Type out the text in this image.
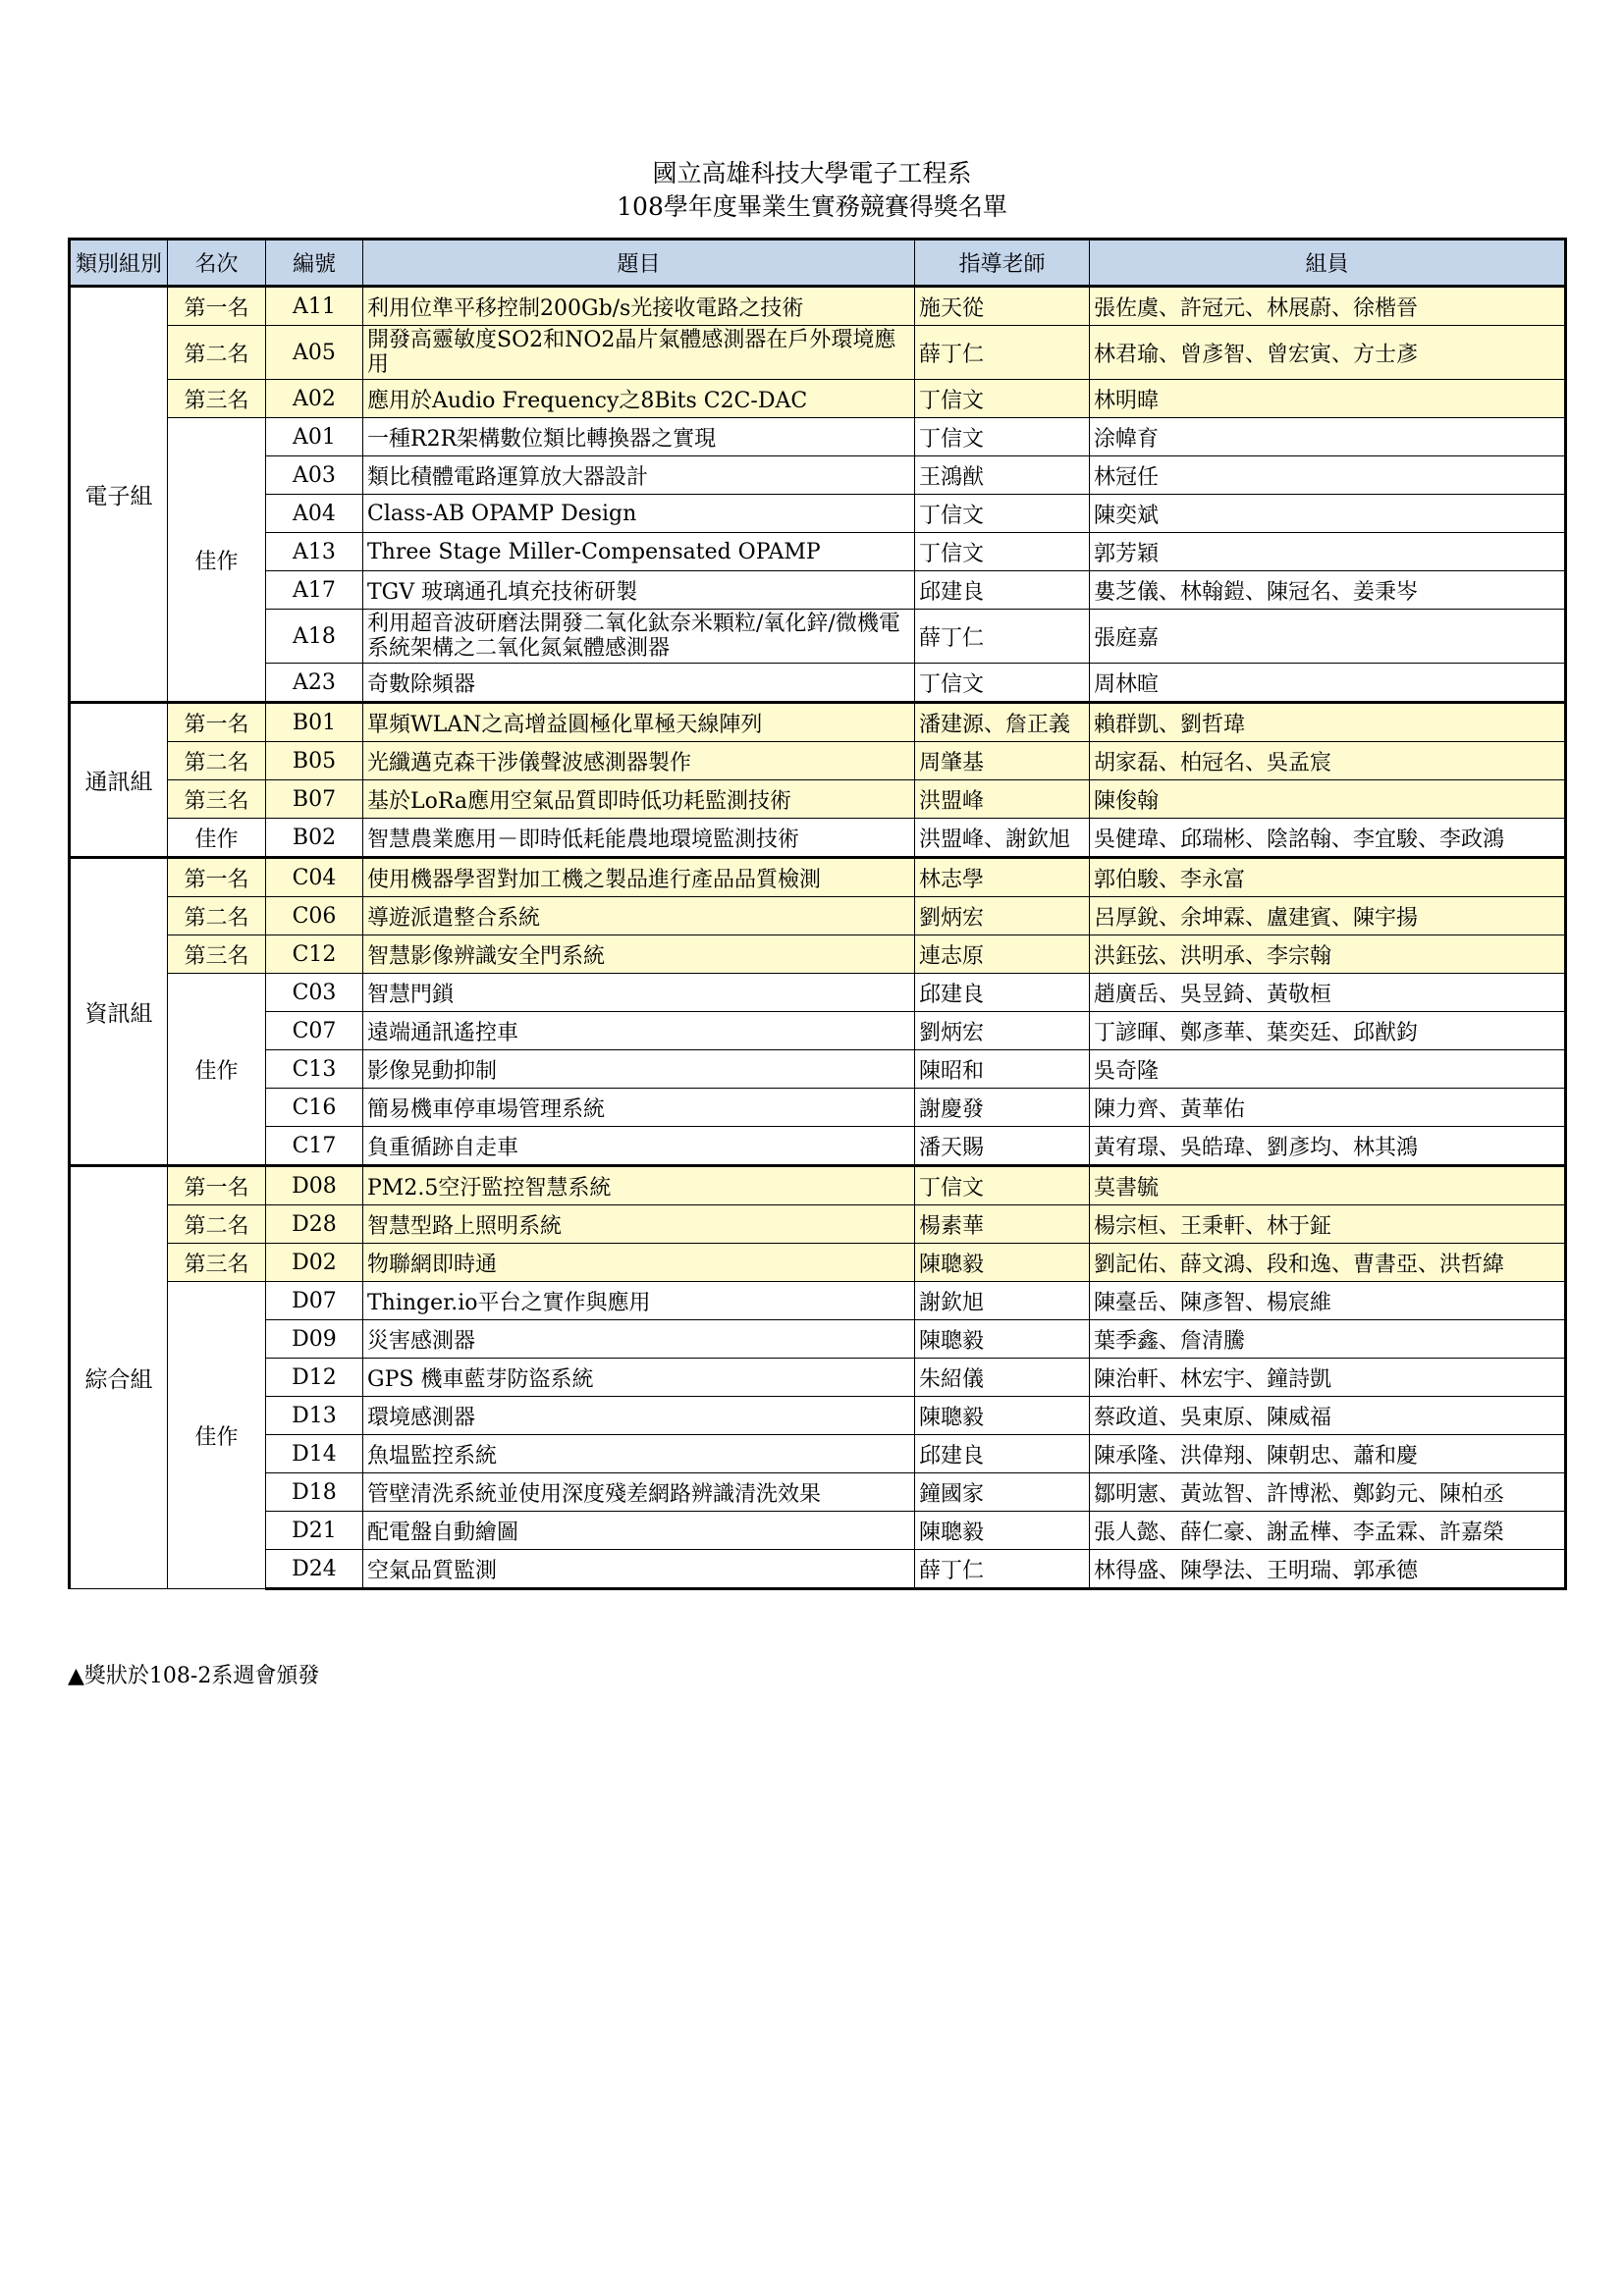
國立高雄科技大學電子工程系
108學年度畢業生實務競賽得獎名單
類別組別	名次	編號	題目	指導老師	組員
電子組	第一名	A11	利用位準平移控制200Gb/s光接收電路之技術	施天從	張佐虞、許冠元、林展蔚、徐楷晉
	第二名	A05	開發高靈敏度SO2和NO2晶片氣體感測器在戶外環境應用	薛丁仁	林君瑜、曾彥智、曾宏寅、方士彥
	第三名	A02	應用於Audio Frequency之8Bits C2C-DAC	丁信文	林明暐
	佳作	A01	一種R2R架構數位類比轉換器之實現	丁信文	涂幃育
		A03	類比積體電路運算放大器設計	王鴻猷	林冠任
		A04	Class-AB OPAMP Design	丁信文	陳奕斌
		A13	Three Stage Miller-Compensated OPAMP	丁信文	郭芳穎
		A17	TGV 玻璃通孔填充技術研製	邱建良	婁芝儀、林翰鎧、陳冠名、姜秉岑
		A18	利用超音波研磨法開發二氧化鈦奈米顆粒/氧化鋅/微機電系統架構之二氧化氮氣體感測器	薛丁仁	張庭嘉
		A23	奇數除頻器	丁信文	周林暄
通訊組	第一名	B01	單頻WLAN之高增益圓極化單極天線陣列	潘建源、詹正義	賴群凱、劉哲瑋
	第二名	B05	光纖邁克森干涉儀聲波感測器製作	周肇基	胡家磊、柏冠名、吳孟宸
	第三名	B07	基於LoRa應用空氣品質即時低功耗監測技術	洪盟峰	陳俊翰
	佳作	B02	智慧農業應用－即時低耗能農地環境監測技術	洪盟峰、謝欽旭	吳健瑋、邱瑞彬、陰詺翰、李宜駿、李政鴻
資訊組	第一名	C04	使用機器學習對加工機之製品進行產品品質檢測	林志學	郭伯駿、李永富
	第二名	C06	導遊派遣整合系統	劉炳宏	呂厚銳、余坤霖、盧建賓、陳宇揚
	第三名	C12	智慧影像辨識安全門系統	連志原	洪鈺弦、洪明承、李宗翰
	佳作	C03	智慧門鎖	邱建良	趙廣岳、吳昱錡、黃敬桓
		C07	遠端通訊遙控車	劉炳宏	丁諺暉、鄭彥華、葉奕廷、邱猷鈞
		C13	影像晃動抑制	陳昭和	吳奇隆
		C16	簡易機車停車場管理系統	謝慶發	陳力齊、黃華佑
		C17	負重循跡自走車	潘天賜	黃宥璟、吳皓瑋、劉彥均、林其鴻
綜合組	第一名	D08	PM2.5空汙監控智慧系統	丁信文	莫書毓
	第二名	D28	智慧型路上照明系統	楊素華	楊宗桓、王秉軒、林于鉦
	第三名	D02	物聯網即時通	陳聰毅	劉記佑、薛文鴻、段和逸、曹書亞、洪哲緯
	佳作	D07	Thinger.io平台之實作與應用	謝欽旭	陳臺岳、陳彥智、楊宸維
		D09	災害感測器	陳聰毅	葉季鑫、詹清騰
		D12	GPS 機車藍芽防盜系統	朱紹儀	陳治軒、林宏宇、鐘詩凱
		D13	環境感測器	陳聰毅	蔡政道、吳東原、陳威福
		D14	魚塭監控系統	邱建良	陳承隆、洪偉翔、陳朝忠、蕭和慶
		D18	管壁清洗系統並使用深度殘差網路辨識清洗效果	鐘國家	鄒明憲、黃竑智、許博淞、鄭鈞元、陳柏丞
		D21	配電盤自動繪圖	陳聰毅	張人懿、薛仁豪、謝孟樺、李孟霖、許嘉榮
		D24	空氣品質監測	薛丁仁	林得盛、陳學法、王明瑞、郭承德
▲獎狀於108-2系週會頒發
